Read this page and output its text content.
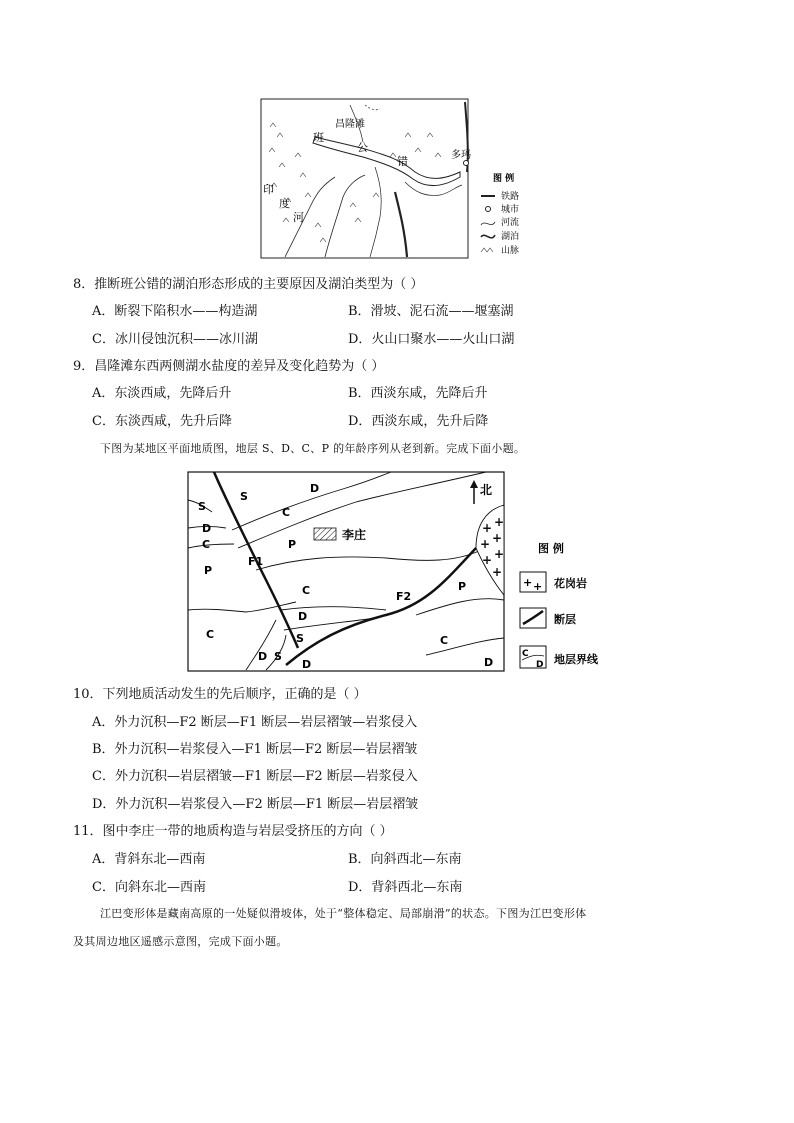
昌隆滩
班
公
错	多玛
印
度
河
图 例
铁路
城市
河流
湖泊
山脉
8．推断班公错的湖泊形态形成的主要原因及湖泊类型为（ ）
A．断裂下陷积水——构造湖	B．滑坡、泥石流——堰塞湖
C．冰川侵蚀沉积——冰川湖	D．火山口聚水——火山口湖
9．昌隆滩东西两侧湖水盐度的差异及变化趋势为（ ）
A．东淡西咸，先降后升	B．西淡东咸，先降后升
C．东淡西咸，先升后降	D．西淡东咸，先升后降
下图为某地区平面地质图，地层 S、D、C、P 的年龄序列从老到新。完成下面小题。
+ +
+ +
+ +
+
李庄
北
S
S
D
C
D
C
P
P
C
D
C
D S
S
D
P
C
D
F1
F2
图 例
+ + 花岗岩
断层
C
D 地层界线
10．下列地质活动发生的先后顺序，正确的是（ ）
A．外力沉积—F2 断层—F1 断层—岩层褶皱—岩浆侵入
B．外力沉积—岩浆侵入—F1 断层—F2 断层—岩层褶皱
C．外力沉积—岩层褶皱—F1 断层—F2 断层—岩浆侵入
D．外力沉积—岩浆侵入—F2 断层—F1 断层—岩层褶皱
11．图中李庄一带的地质构造与岩层受挤压的方向（ ）
A．背斜东北—西南	B．向斜西北—东南
C．向斜东北—西南	D．背斜西北—东南
江巴变形体是藏南高原的一处疑似滑坡体，处于“整体稳定、局部崩滑”的状态。下图为江巴变形体
及其周边地区遥感示意图，完成下面小题。
